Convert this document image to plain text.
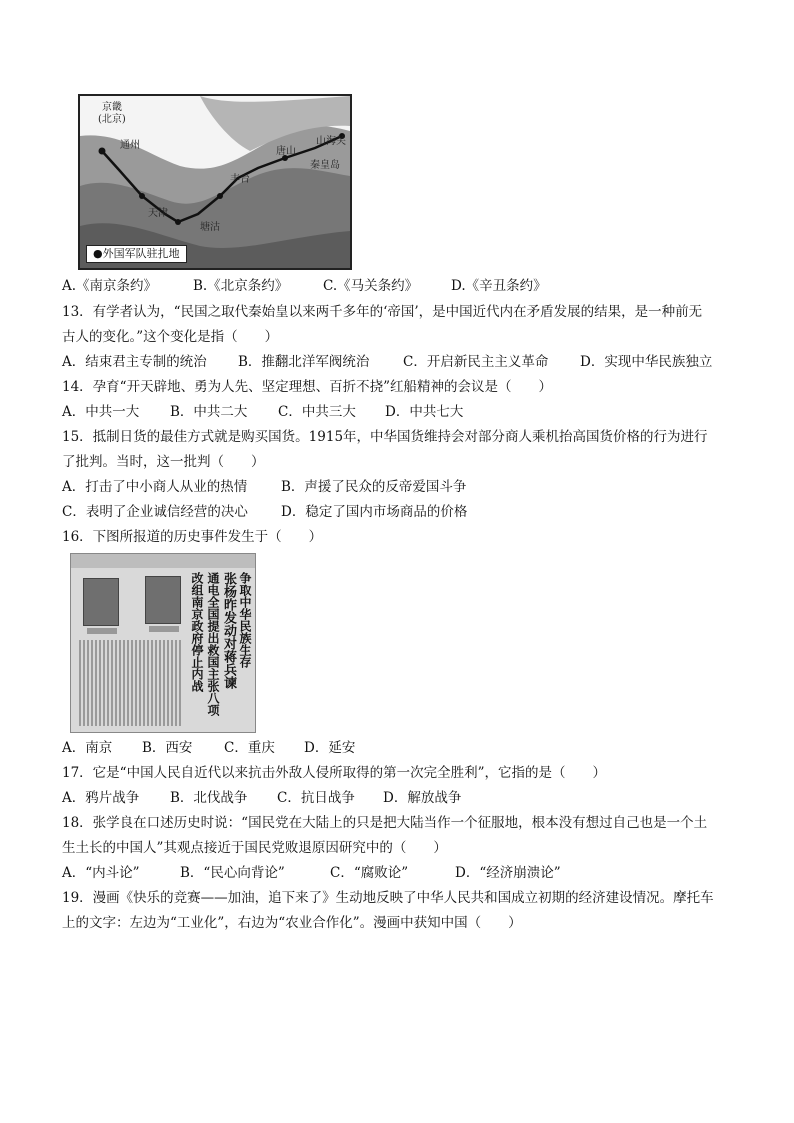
京畿
(北京)
通州
丰台
塘沽
天津
秦皇岛
山海关
唐山
●外国军队驻扎地
A.《南京条约》	B.《北京条约》	C.《马关条约》 D.《辛丑条约》
13．有学者认为，“民国之取代秦始皇以来两千多年的‘帝国’，是中国近代内在矛盾发展的结果，是一种前无
古人的变化。”这个变化是指（　　）
A．结束君主专制的统治 B．推翻北洋军阀统治 C．开启新民主主义革命 D．实现中华民族独立
14．孕育“开天辟地、勇为人先、坚定理想、百折不挠”红船精神的会议是（　　）
A．中共一大 B．中共二大 C．中共三大 D．中共七大
15．抵制日货的最佳方式就是购买国货。1915年，中华国货维持会对部分商人乘机抬高国货价格的行为进行
了批判。当时，这一批判（　　）
A．打击了中小商人从业的热情	B．声援了民众的反帝爱国斗争
C．表明了企业诚信经营的决心 D．稳定了国内市场商品的价格
16．下图所报道的历史事件发生于（　　）
争取中华民族生存
张杨昨发动对蒋兵谏
通电全国提出救国主张八项
改组南京政府停止内战
A．南京 B．西安 C．重庆 D．延安
17．它是“中国人民自近代以来抗击外敌人侵所取得的第一次完全胜利”，它指的是（　　）
A．鸦片战争 B．北伐战争 C．抗日战争 D．解放战争
18．张学良在口述历史时说：“国民党在大陆上的只是把大陆当作一个征服地，根本没有想过自己也是一个土
生土长的中国人”其观点接近于国民党败退原因研究中的（　　）
A．“内斗论”	B．“民心向背论”	C．“腐败论”	D．“经济崩溃论”
19．漫画《快乐的竞赛——加油，追下来了》生动地反映了中华人民共和国成立初期的经济建设情况。摩托车
上的文字：左边为“工业化”，右边为“农业合作化”。漫画中获知中国（　　）
